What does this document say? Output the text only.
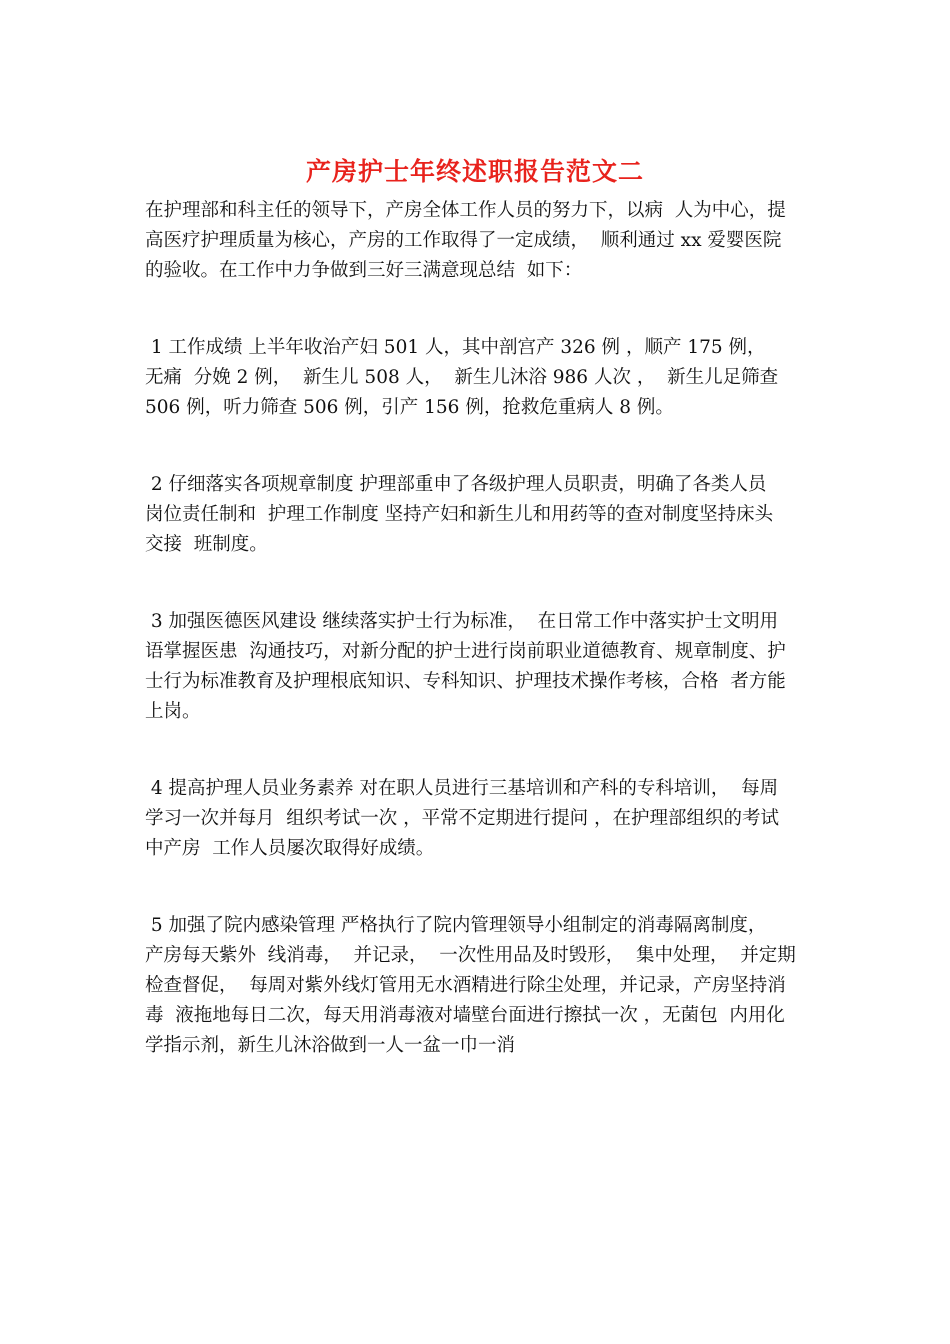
产房护士年终述职报告范文二
在护理部和科主任的领导下，产房全体工作人员的努力下，以病  人为中心，提
高医疗护理质量为核心，产房的工作取得了一定成绩，  顺利通过 xx 爱婴医院
的验收。在工作中力争做到三好三满意现总结  如下：
1 工作成绩 上半年收治产妇 501 人，其中剖宫产 326 例 ，顺产 175 例，
无痛  分娩 2 例，  新生儿 508 人，  新生儿沐浴 986 人次 ，  新生儿足筛查
506 例，听力筛查 506 例，引产 156 例，抢救危重病人 8 例。
2 仔细落实各项规章制度 护理部重申了各级护理人员职责，明确了各类人员
岗位责任制和  护理工作制度 坚持产妇和新生儿和用药等的查对制度坚持床头
交接  班制度。
3 加强医德医风建设 继续落实护士行为标准，  在日常工作中落实护士文明用
语掌握医患  沟通技巧，对新分配的护士进行岗前职业道德教育、规章制度、护
士行为标准教育及护理根底知识、专科知识、护理技术操作考核，合格  者方能
上岗。
4 提高护理人员业务素养 对在职人员进行三基培训和产科的专科培训，  每周
学习一次并每月  组织考试一次 ，平常不定期进行提问 ，在护理部组织的考试
中产房  工作人员屡次取得好成绩。
5 加强了院内感染管理 严格执行了院内管理领导小组制定的消毒隔离制度，
产房每天紫外  线消毒，  并记录，  一次性用品及时毁形，  集中处理，  并定期
检查督促，  每周对紫外线灯管用无水酒精进行除尘处理，并记录，产房坚持消
毒  液拖地每日二次，每天用消毒液对墙壁台面进行擦拭一次 ，无菌包  内用化
学指示剂，新生儿沐浴做到一人一盆一巾一消
